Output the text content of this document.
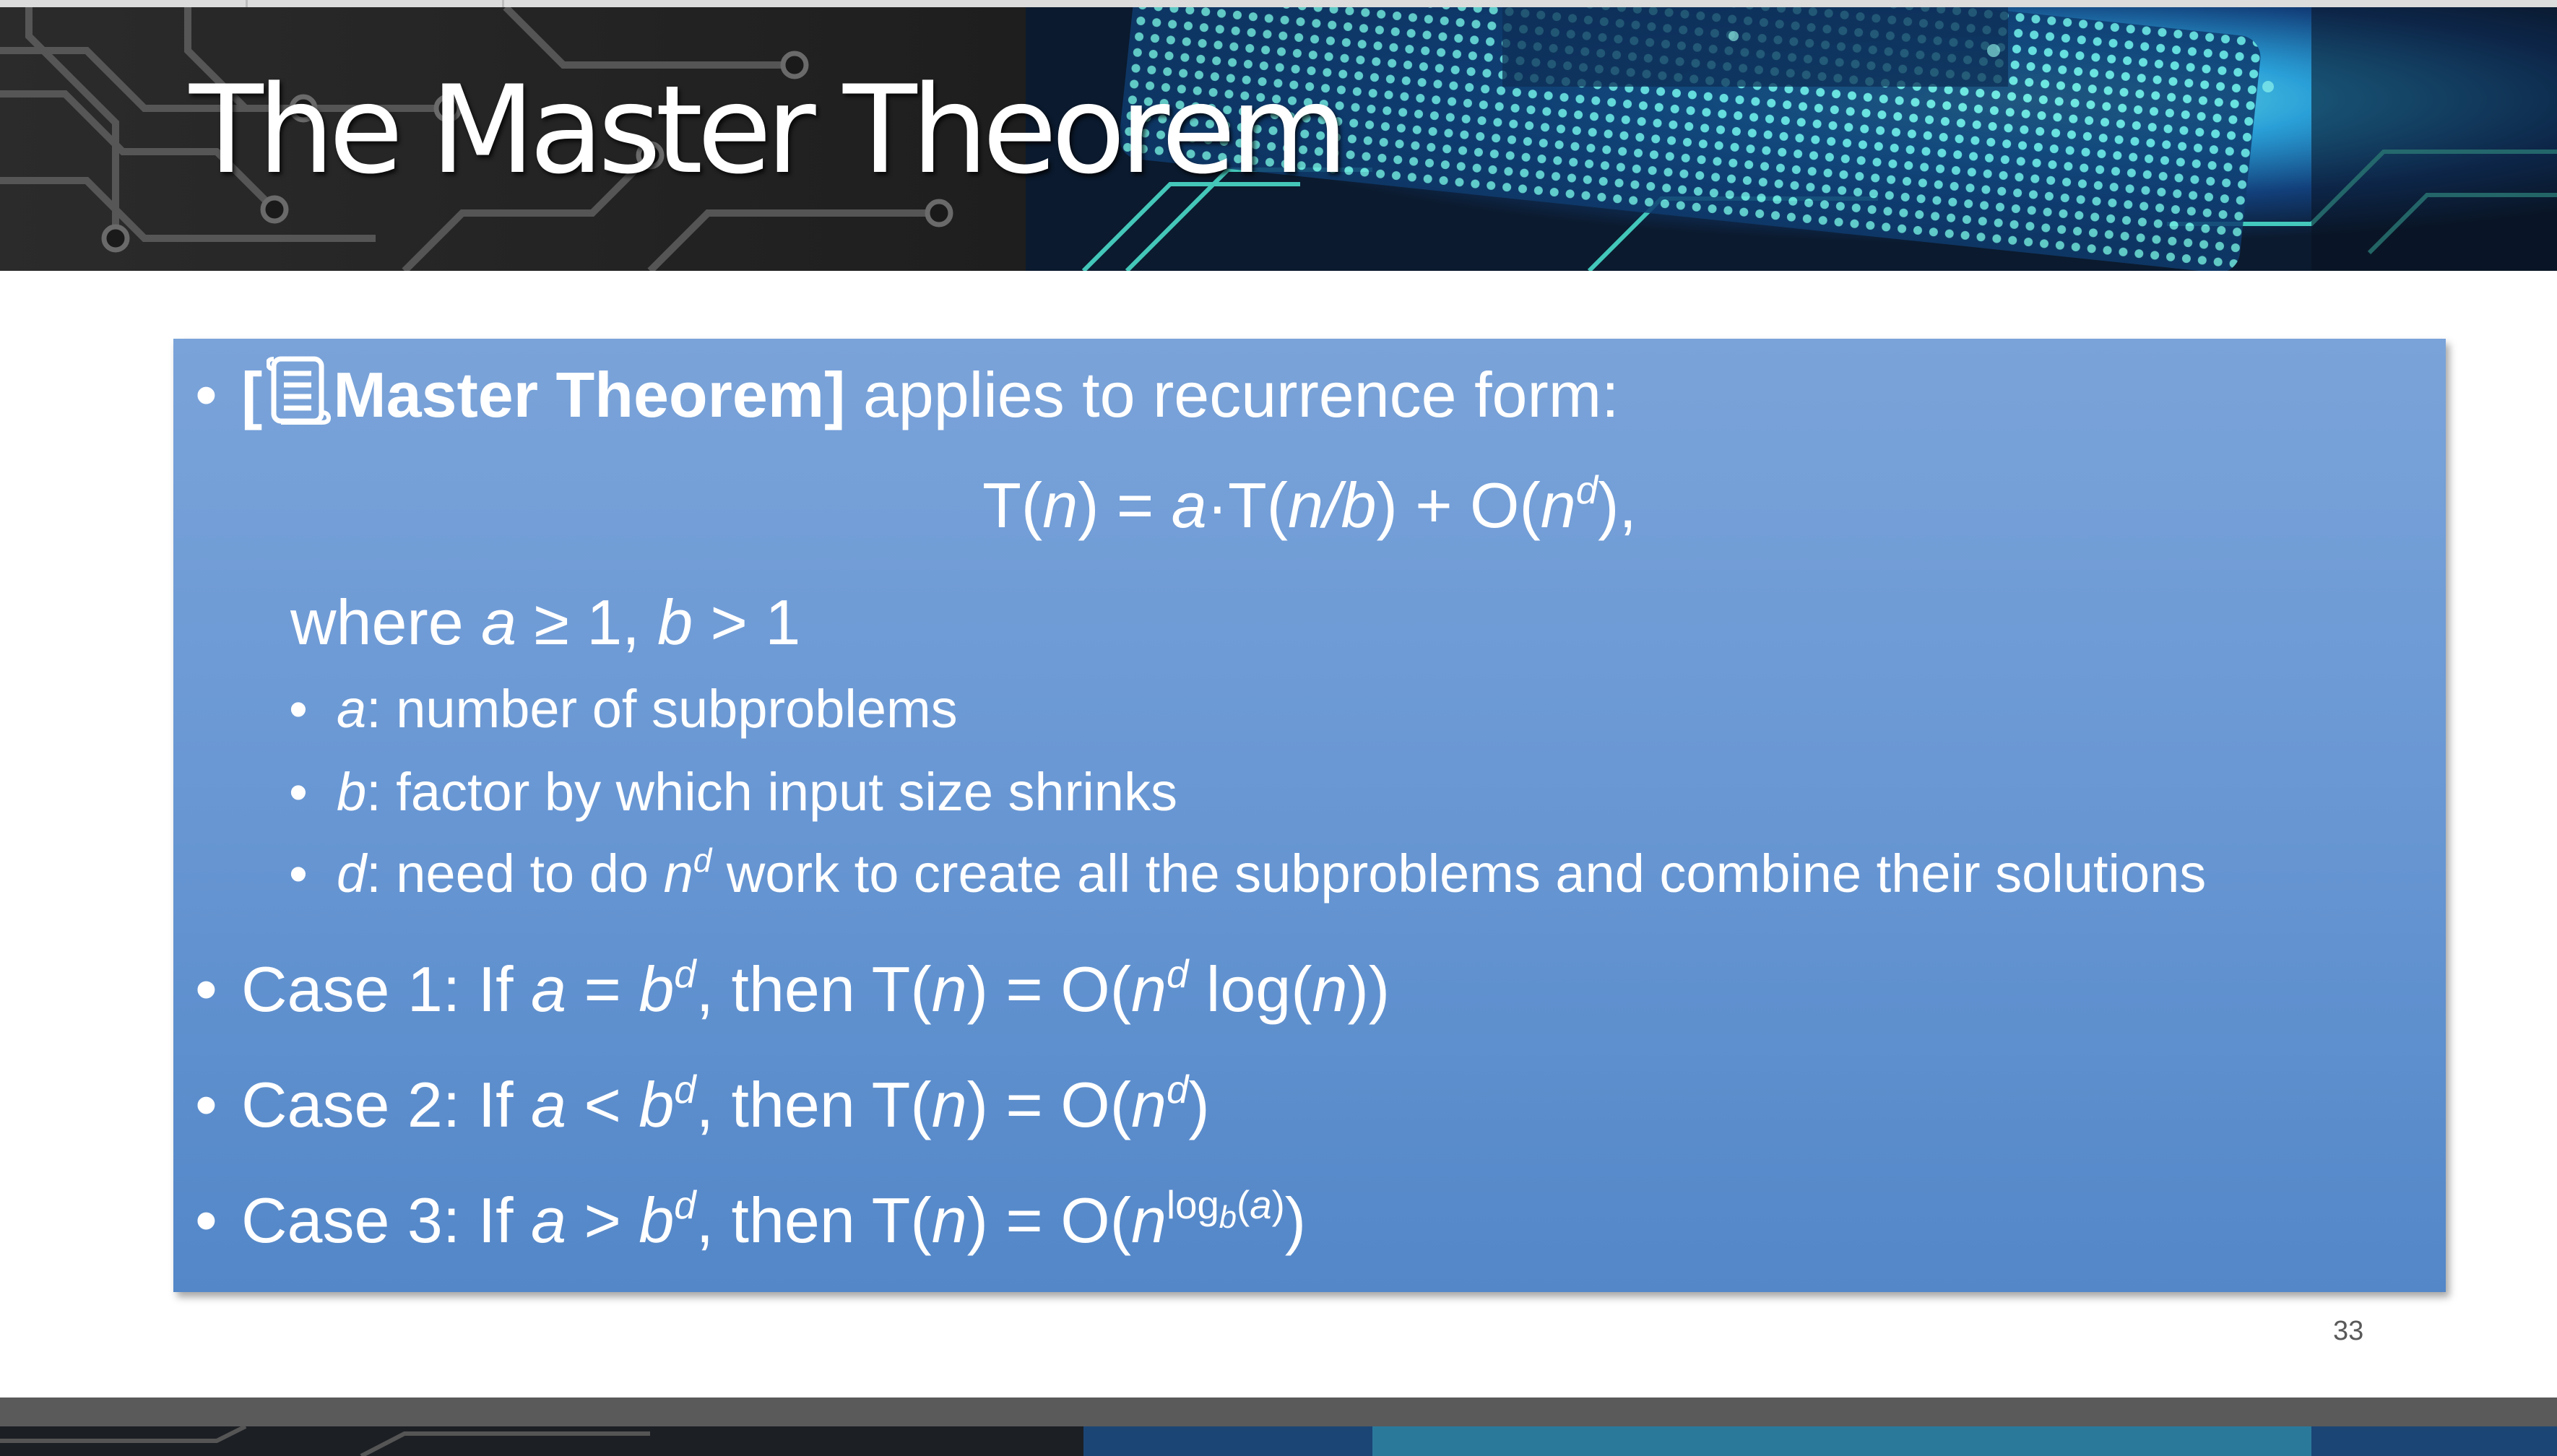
The Master Theorem
• [ Master Theorem] applies to recurrence form:
$T(n) = a\cdot T(n/b) + O(n^d)$,
where a ≥ 1, b > 1
• a: number of subproblems
• b: factor by which input size shrinks
• d: need to do $n^d$ work to create all the subproblems and combine their solutions
• Case 1: If $a = b^d$, then $T(n) = O(n^d$ log(n))
• Case 2: If $a < b^d$, then $T(n) = O(n^d)$
• Case 3: If $a > b^d$, then $T(n) = O(n^{log_b(a)})$
33
